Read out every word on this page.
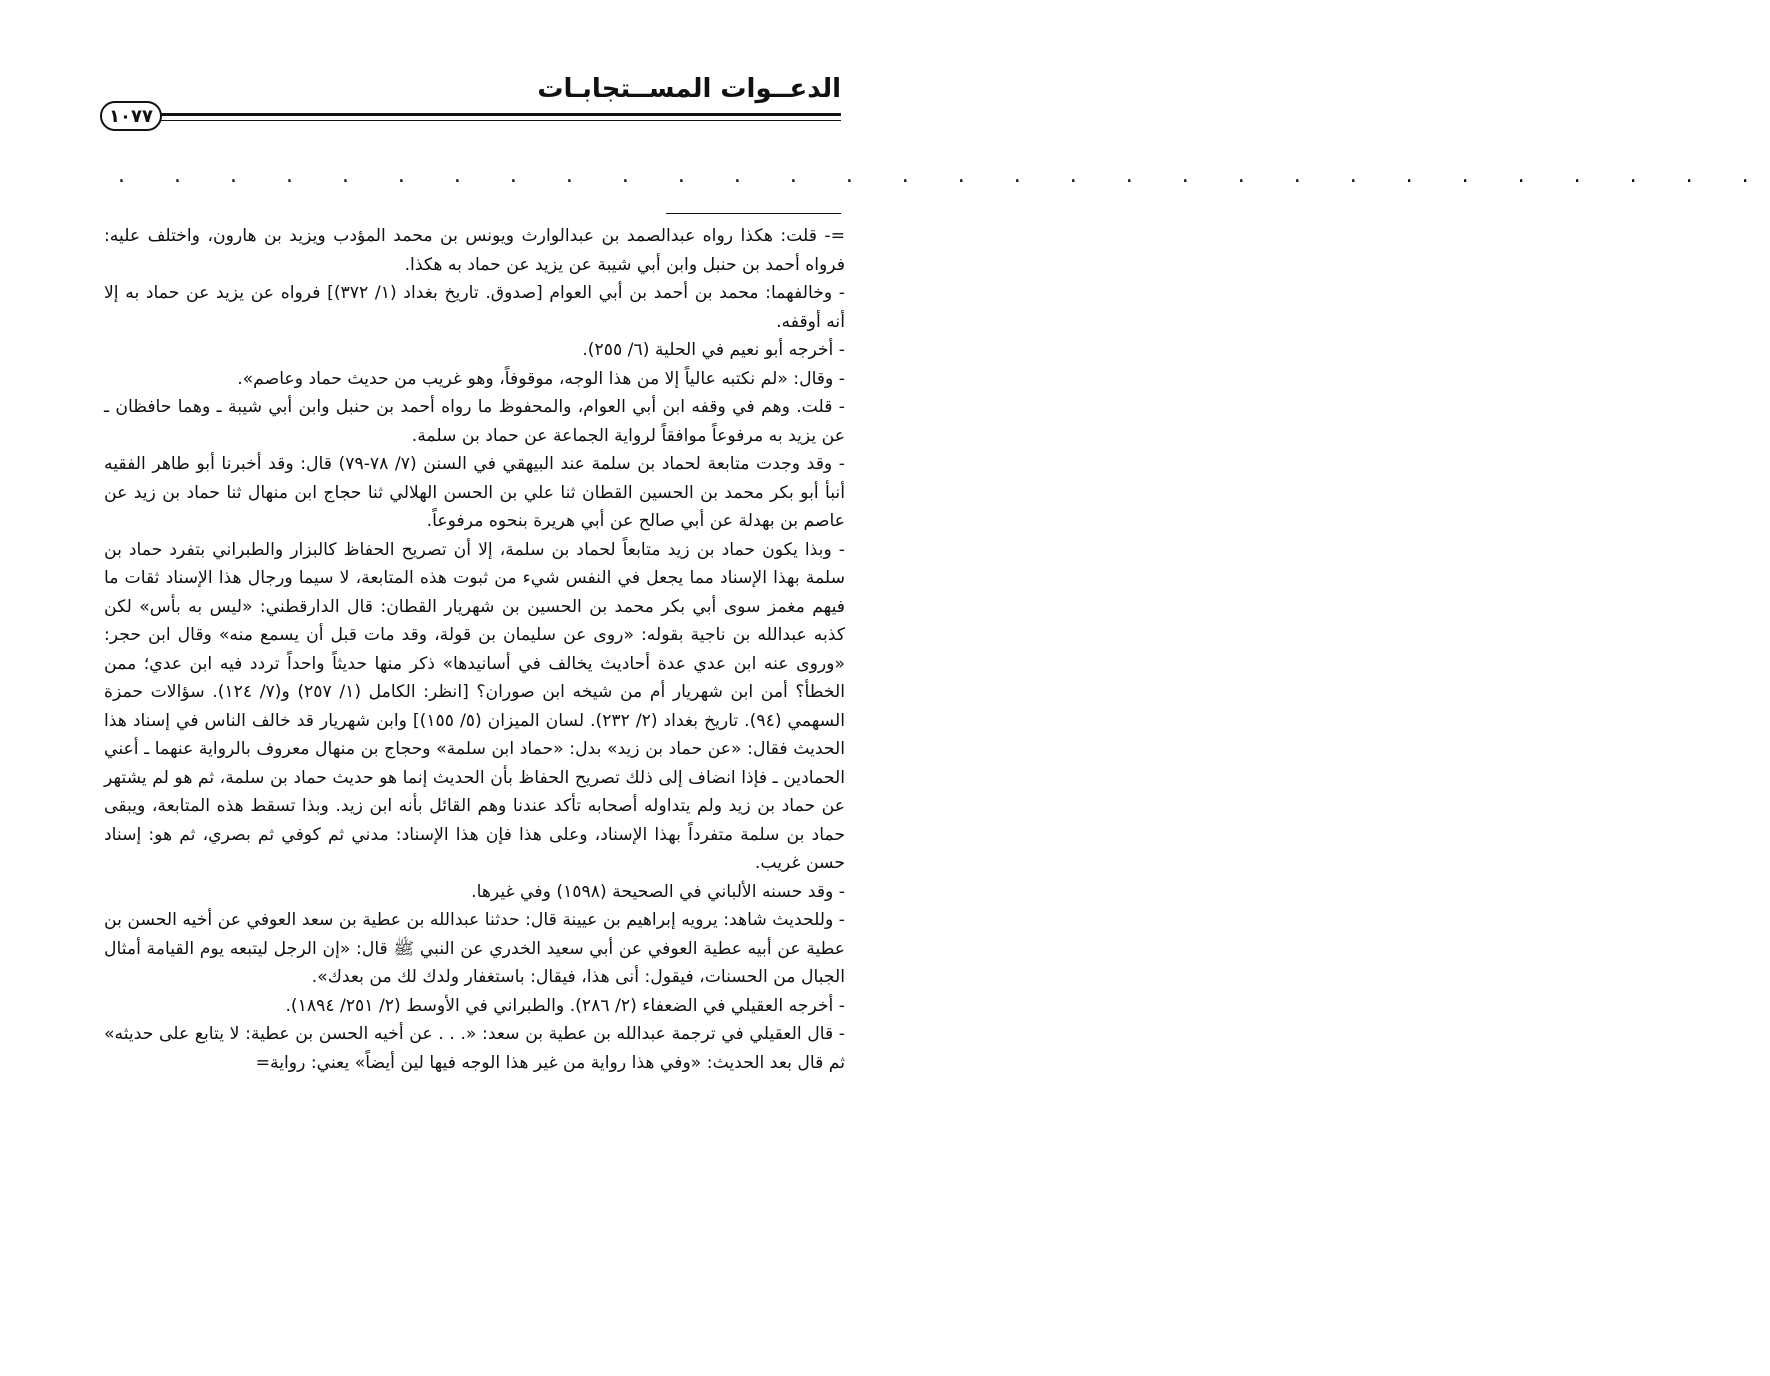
الدعــوات المســتجابـات
١٠٧٧
. . . . . . . . . . . . . . . . . . . . . . . . . . . . . .

=- قلت: هكذا رواه عبدالصمد بن عبدالوارث ويونس بن محمد المؤدب ويزيد بن هارون، واختلف عليه: فرواه أحمد بن حنبل وابن أبي شيبة عن يزيد عن حماد به هكذا.

- وخالفهما: محمد بن أحمد بن أبي العوام [صدوق. تاريخ بغداد (١/ ٣٧٢)] فرواه عن يزيد عن حماد به إلا أنه أوقفه.

- أخرجه أبو نعيم في الحلية (٦/ ٢٥٥).

- وقال: «لم نكتبه عالياً إلا من هذا الوجه، موقوفاً، وهو غريب من حديث حماد وعاصم».

- قلت. وهم في وقفه ابن أبي العوام، والمحفوظ ما رواه أحمد بن حنبل وابن أبي شيبة ـ وهما حافظان ـ عن يزيد به مرفوعاً موافقاً لرواية الجماعة عن حماد بن سلمة.

- وقد وجدت متابعة لحماد بن سلمة عند البيهقي في السنن (٧/ ٧٨-٧٩) قال: وقد أخبرنا أبو طاهر الفقيه أنبأ أبو بكر محمد بن الحسين القطان ثنا علي بن الحسن الهلالي ثنا حجاج ابن منهال ثنا حماد بن زيد عن عاصم بن بهدلة عن أبي صالح عن أبي هريرة بنحوه مرفوعاً.

- وبذا يكون حماد بن زيد متابعاً لحماد بن سلمة، إلا أن تصريح الحفاظ كالبزار والطبراني بتفرد حماد بن سلمة بهذا الإسناد مما يجعل في النفس شيء من ثبوت هذه المتابعة، لا سيما ورجال هذا الإسناد ثقات ما فيهم مغمز سوى أبي بكر محمد بن الحسين بن شهريار القطان: قال الدارقطني: «ليس به بأس» لكن كذبه عبدالله بن ناجية بقوله: «روى عن سليمان بن قولة، وقد مات قبل أن يسمع منه» وقال ابن حجر: «وروى عنه ابن عدي عدة أحاديث يخالف في أسانيدها» ذكر منها حديثاً واحداً تردد فيه ابن عدي؛ ممن الخطأ؟ أمن ابن شهريار أم من شيخه ابن صوران؟ [انظر: الكامل (١/ ٢٥٧) و(٧/ ١٢٤). سؤالات حمزة السهمي (٩٤). تاريخ بغداد (٢/ ٢٣٢). لسان الميزان (٥/ ١٥٥)] وابن شهريار قد خالف الناس في إسناد هذا الحديث فقال: «عن حماد بن زيد» بدل: «حماد ابن سلمة» وحجاج بن منهال معروف بالرواية عنهما ـ أعني الحمادين ـ فإذا انضاف إلى ذلك تصريح الحفاظ بأن الحديث إنما هو حديث حماد بن سلمة، ثم هو لم يشتهر عن حماد بن زيد ولم يتداوله أصحابه تأكد عندنا وهم القائل بأنه ابن زيد. وبذا تسقط هذه المتابعة، ويبقى حماد بن سلمة متفرداً بهذا الإسناد، وعلى هذا فإن هذا الإسناد: مدني ثم كوفي ثم بصري، ثم هو: إسناد حسن غريب.

- وقد حسنه الألباني في الصحيحة (١٥٩٨) وفي غيرها.

- وللحديث شاهد: يرويه إبراهيم بن عيينة قال: حدثنا عبدالله بن عطية بن سعد العوفي عن أخيه الحسن بن عطية عن أبيه عطية العوفي عن أبي سعيد الخدري عن النبي ﷺ قال: «إن الرجل ليتبعه يوم القيامة أمثال الجبال من الحسنات، فيقول: أنى هذا، فيقال: باستغفار ولدك لك من بعدك».

- أخرجه العقيلي في الضعفاء (٢/ ٢٨٦). والطبراني في الأوسط (٢/ ٢٥١/ ١٨٩٤).

- قال العقيلي في ترجمة عبدالله بن عطية بن سعد: «. . . عن أخيه الحسن بن عطية: لا يتابع على حديثه» ثم قال بعد الحديث: «وفي هذا رواية من غير هذا الوجه فيها لين أيضاً» يعني: رواية=
